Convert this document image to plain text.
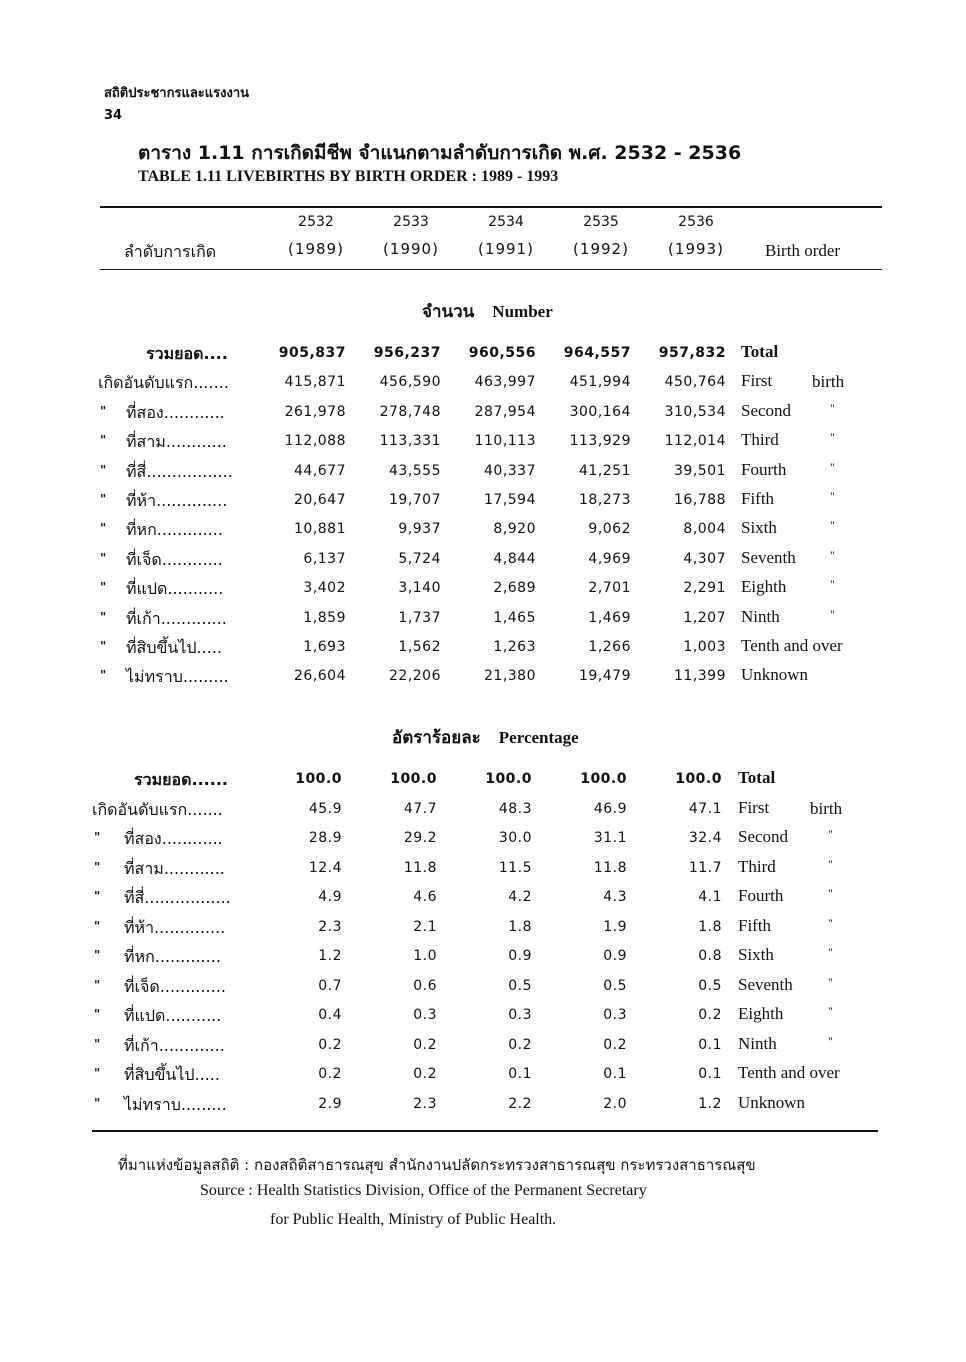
สถิติประชากรและแรงงาน
34
ตาราง 1.11 การเกิดมีชีพ จำแนกตามลำดับการเกิด พ.ศ. 2532 - 2536
TABLE 1.11 LIVEBIRTHS BY BIRTH ORDER : 1989 - 1993
ลำดับการเกิด
2532	2533	2534	2535	2536
(1989)	(1990)	(1991)	(1992)	(1993)	Birth order
จำนวน Number
รวมยอด....	905,837	956,237	960,556	964,557	957,832 Total
เกิดอันดับแรก.......	415,871	456,590	463,997	451,994	450,764 First birth
" ที่สอง............	261,978	278,748	287,954	300,164	310,534 Second	"
" ที่สาม............	112,088	113,331	110,113	113,929	112,014 Third	"
" ที่สี่.................	44,677	43,555	40,337	41,251	39,501 Fourth	"
" ที่ห้า..............	20,647	19,707	17,594	18,273	16,788 Fifth	"
" ที่หก.............	10,881	9,937	8,920	9,062	8,004 Sixth	"
" ที่เจ็ด............	6,137	5,724	4,844	4,969	4,307 Seventh	"
" ที่แปด...........	3,402	3,140	2,689	2,701	2,291 Eighth	"
" ที่เก้า.............	1,859	1,737	1,465	1,469	1,207 Ninth	"
" ที่สิบขึ้นไป.....	1,693	1,562	1,263	1,266	1,003 Tenth and over
" ไม่ทราบ.........	26,604	22,206	21,380	19,479	11,399 Unknown
อัตราร้อยละ Percentage
รวมยอด......	100.0	100.0	100.0	100.0	100.0 Total
เกิดอันดับแรก.......	45.9	47.7	48.3	46.9	47.1 First birth
" ที่สอง............	28.9	29.2	30.0	31.1	32.4 Second	"
" ที่สาม............	12.4	11.8	11.5	11.8	11.7 Third	"
" ที่สี่.................	4.9	4.6	4.2	4.3	4.1 Fourth	"
" ที่ห้า..............	2.3	2.1	1.8	1.9	1.8 Fifth	"
" ที่หก.............	1.2	1.0	0.9	0.9	0.8 Sixth	"
" ที่เจ็ด.............	0.7	0.6	0.5	0.5	0.5 Seventh	"
" ที่แปด...........	0.4	0.3	0.3	0.3	0.2 Eighth	"
" ที่เก้า.............	0.2	0.2	0.2	0.2	0.1 Ninth	"
" ที่สิบขึ้นไป.....	0.2	0.2	0.1	0.1	0.1 Tenth and over
" ไม่ทราบ.........	2.9	2.3	2.2	2.0	1.2 Unknown
ที่มาแห่งข้อมูลสถิติ : กองสถิติสาธารณสุข สำนักงานปลัดกระทรวงสาธารณสุข กระทรวงสาธารณสุข
Source : Health Statistics Division, Office of the Permanent Secretary
for Public Health, Ministry of Public Health.
